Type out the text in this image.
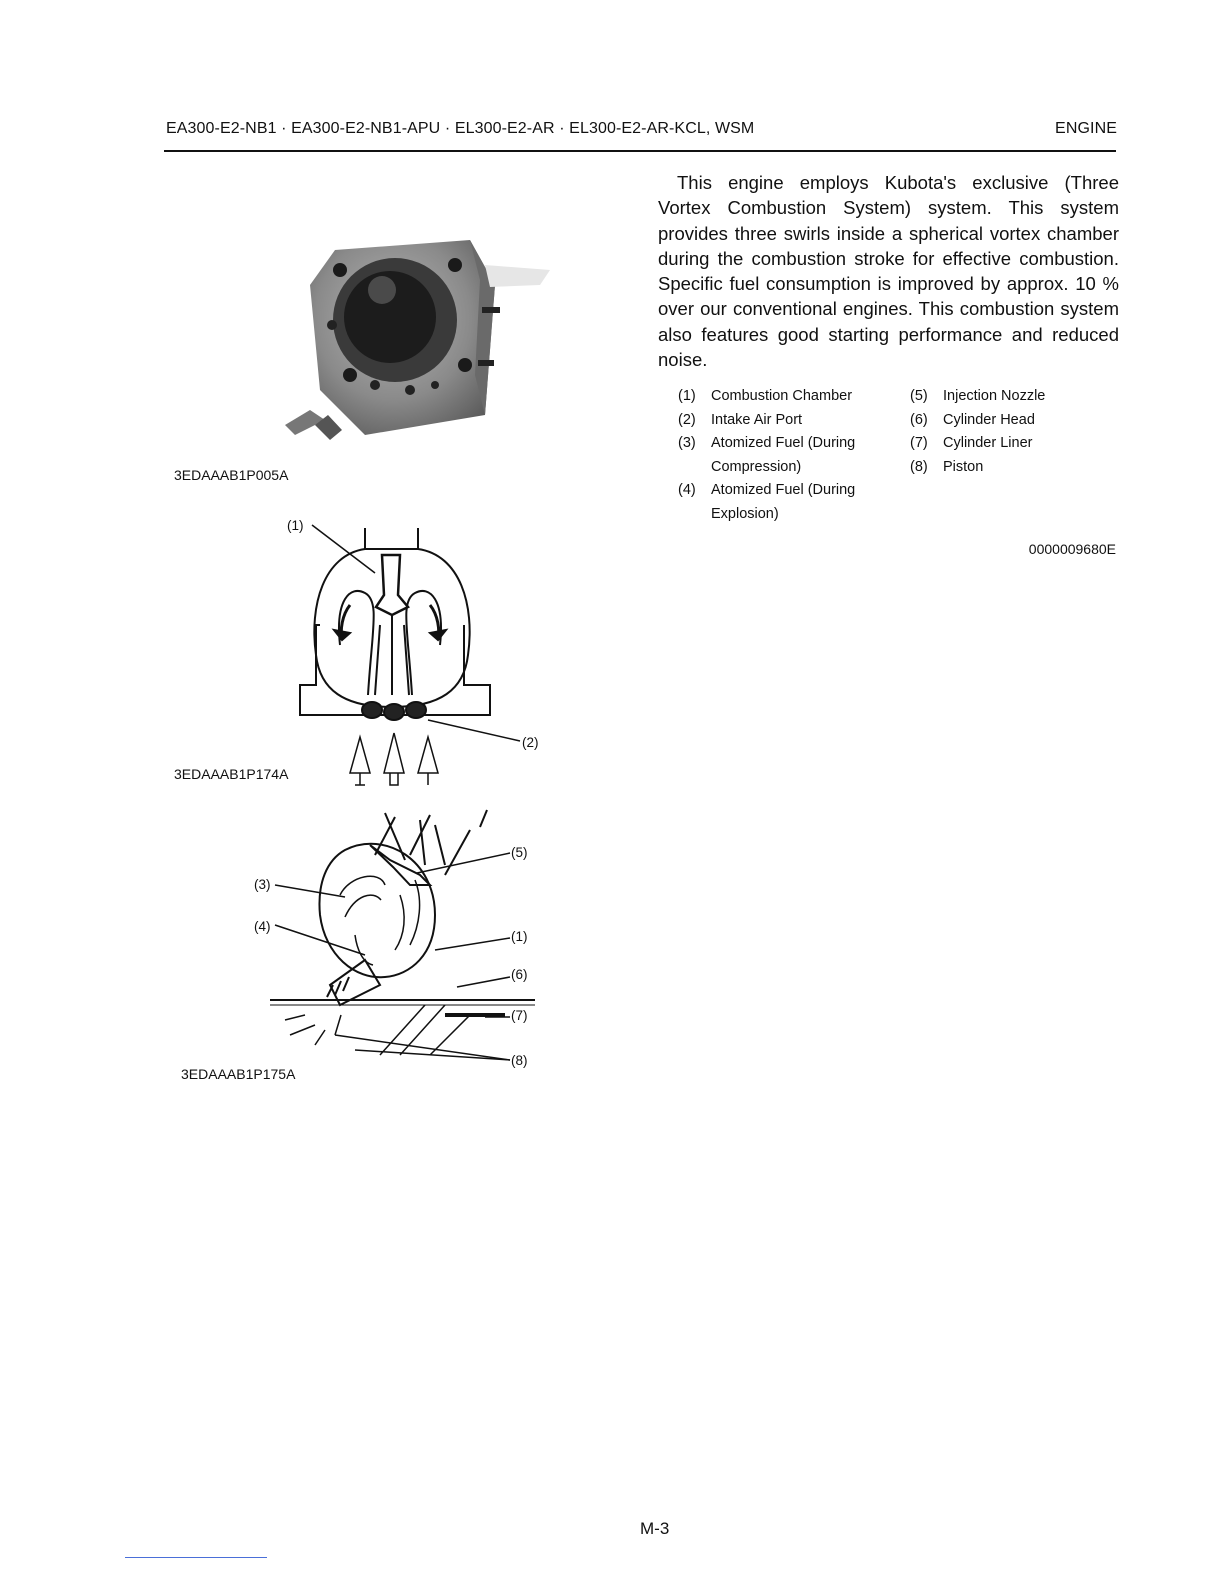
EA300-E2-NB1 · EA300-E2-NB1-APU · EL300-E2-AR · EL300-E2-AR-KCL, WSM	ENGINE
This engine employs Kubota's exclusive (Three Vortex Combustion System) system. This system provides three swirls inside a spherical vortex chamber during the combustion stroke for effective combustion. Specific fuel consumption is improved by approx. 10 % over our conventional engines. This combustion system also features good starting performance and reduced noise.
(1)	Combustion Chamber
(2)	Intake Air Port
(3)	Atomized Fuel (During Compression)
(4)	Atomized Fuel (During Explosion)
(5)	Injection Nozzle
(6)	Cylinder Head
(7)	Cylinder Liner
(8)	Piston
0000009680E
3EDAAAB1P005A
(1)
(2)
3EDAAAB1P174A
(3)
(4)
(5)
(1)
(6)
(7)
(8)
3EDAAAB1P175A
M-3
